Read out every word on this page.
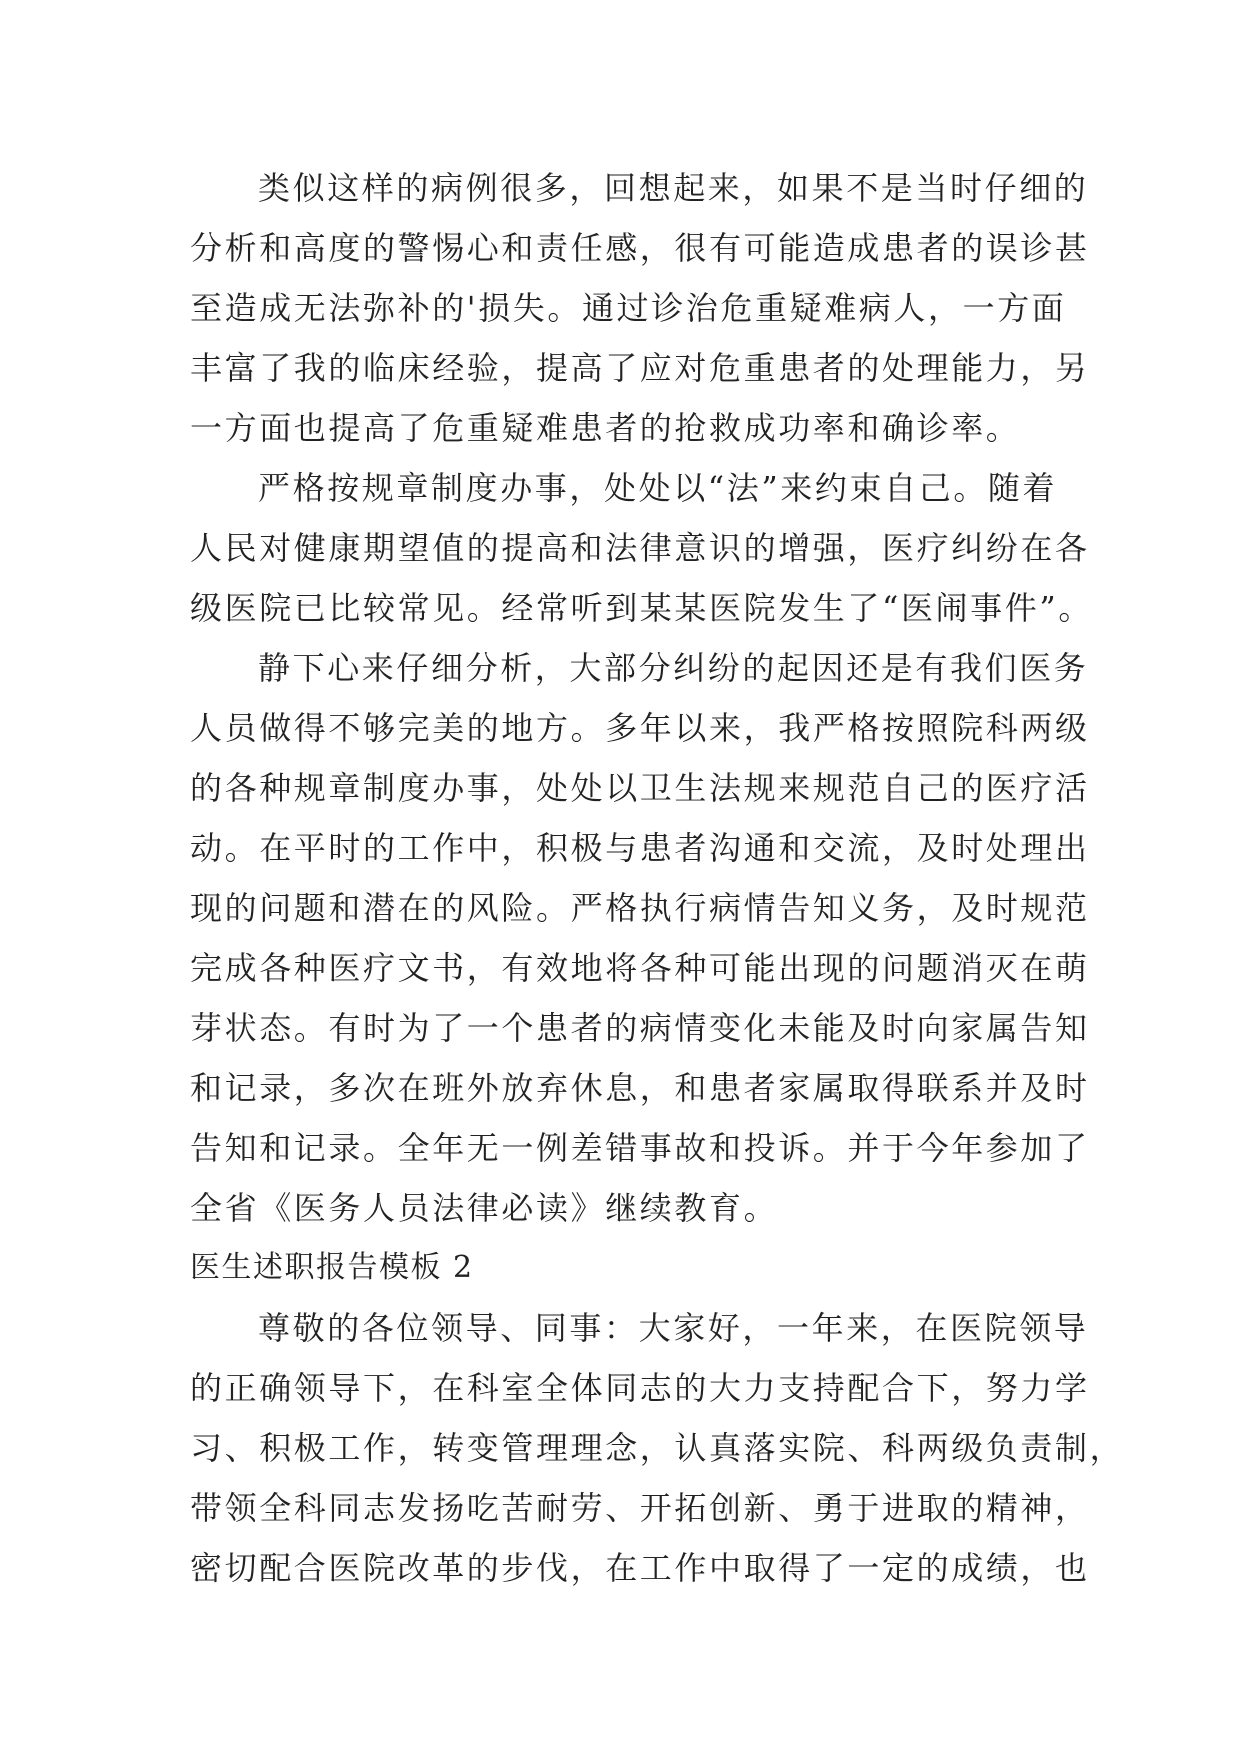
类似这样的病例很多，回想起来，如果不是当时仔细的
分析和高度的警惕心和责任感，很有可能造成患者的误诊甚
至造成无法弥补的'损失。通过诊治危重疑难病人，一方面
丰富了我的临床经验，提高了应对危重患者的处理能力，另
一方面也提高了危重疑难患者的抢救成功率和确诊率。
严格按规章制度办事，处处以“法”来约束自己。随着
人民对健康期望值的提高和法律意识的增强，医疗纠纷在各
级医院已比较常见。经常听到某某医院发生了“医闹事件”。
静下心来仔细分析，大部分纠纷的起因还是有我们医务
人员做得不够完美的地方。多年以来，我严格按照院科两级
的各种规章制度办事，处处以卫生法规来规范自己的医疗活
动。在平时的工作中，积极与患者沟通和交流，及时处理出
现的问题和潜在的风险。严格执行病情告知义务，及时规范
完成各种医疗文书，有效地将各种可能出现的问题消灭在萌
芽状态。有时为了一个患者的病情变化未能及时向家属告知
和记录，多次在班外放弃休息，和患者家属取得联系并及时
告知和记录。全年无一例差错事故和投诉。并于今年参加了
全省《医务人员法律必读》继续教育。
医生述职报告模板 2
尊敬的各位领导、同事：大家好，一年来，在医院领导
的正确领导下，在科室全体同志的大力支持配合下，努力学
习、积极工作，转变管理理念，认真落实院、科两级负责制，
带领全科同志发扬吃苦耐劳、开拓创新、勇于进取的精神，
密切配合医院改革的步伐，在工作中取得了一定的成绩，也
